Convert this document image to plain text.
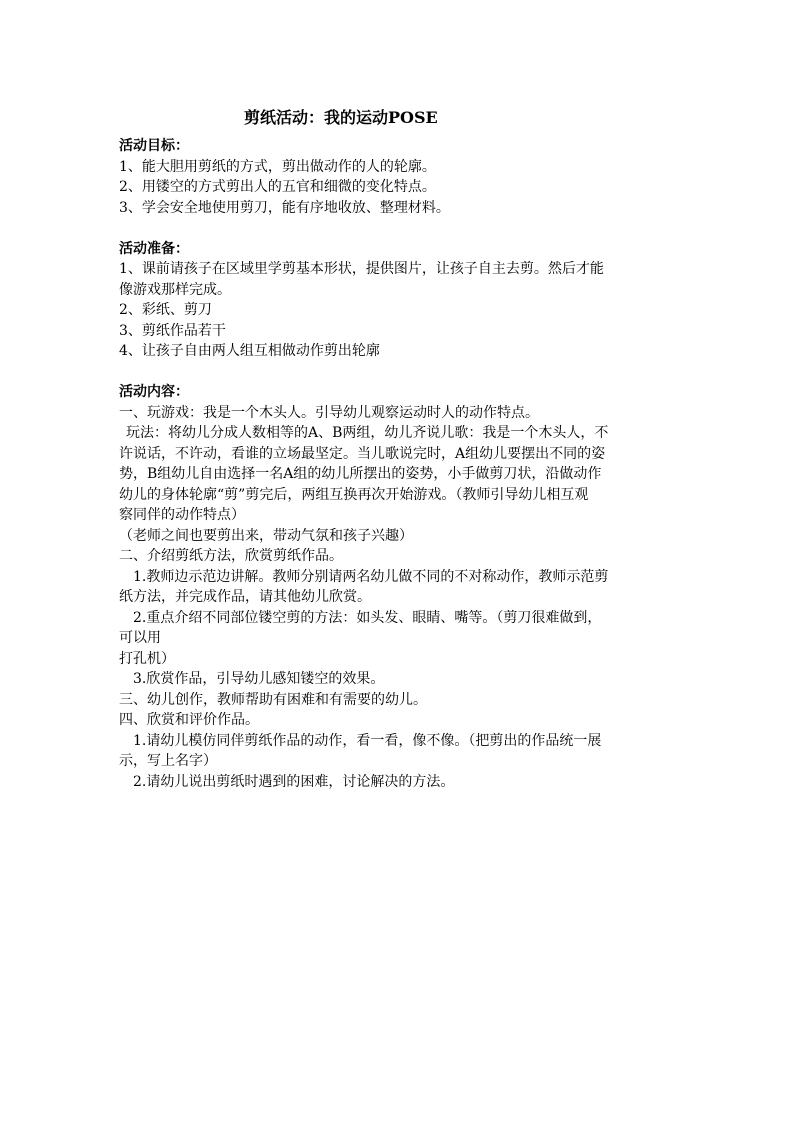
剪纸活动：我的运动POSE

活动目标：

1、能大胆用剪纸的方式，剪出做动作的人的轮廓。

2、用镂空的方式剪出人的五官和细微的变化特点。

3、学会安全地使用剪刀，能有序地收放、整理材料。

活动准备：

1、课前请孩子在区域里学剪基本形状，提供图片，让孩子自主去剪。然后才能

像游戏那样完成。

2、彩纸、剪刀

3、剪纸作品若干

4、让孩子自由两人组互相做动作剪出轮廓

活动内容：

一、玩游戏：我是一个木头人。引导幼儿观察运动时人的动作特点。

玩法：将幼儿分成人数相等的A、B两组，幼儿齐说儿歌：我是一个木头人，不

许说话，不许动，看谁的立场最坚定。当儿歌说完时，A组幼儿要摆出不同的姿

势，B组幼儿自由选择一名A组的幼儿所摆出的姿势，小手做剪刀状，沿做动作

幼儿的身体轮廓“剪”剪完后，两组互换再次开始游戏。（教师引导幼儿相互观

察同伴的动作特点）

（老师之间也要剪出来，带动气氛和孩子兴趣）

二、介绍剪纸方法，欣赏剪纸作品。

1.教师边示范边讲解。教师分别请两名幼儿做不同的不对称动作，教师示范剪

纸方法，并完成作品，请其他幼儿欣赏。

2.重点介绍不同部位镂空剪的方法：如头发、眼睛、嘴等。（剪刀很难做到，

可以用

打孔机）

3.欣赏作品，引导幼儿感知镂空的效果。

三、幼儿创作，教师帮助有困难和有需要的幼儿。

四、欣赏和评价作品。

1.请幼儿模仿同伴剪纸作品的动作，看一看，像不像。（把剪出的作品统一展

示，写上名字）

2.请幼儿说出剪纸时遇到的困难，讨论解决的方法。
